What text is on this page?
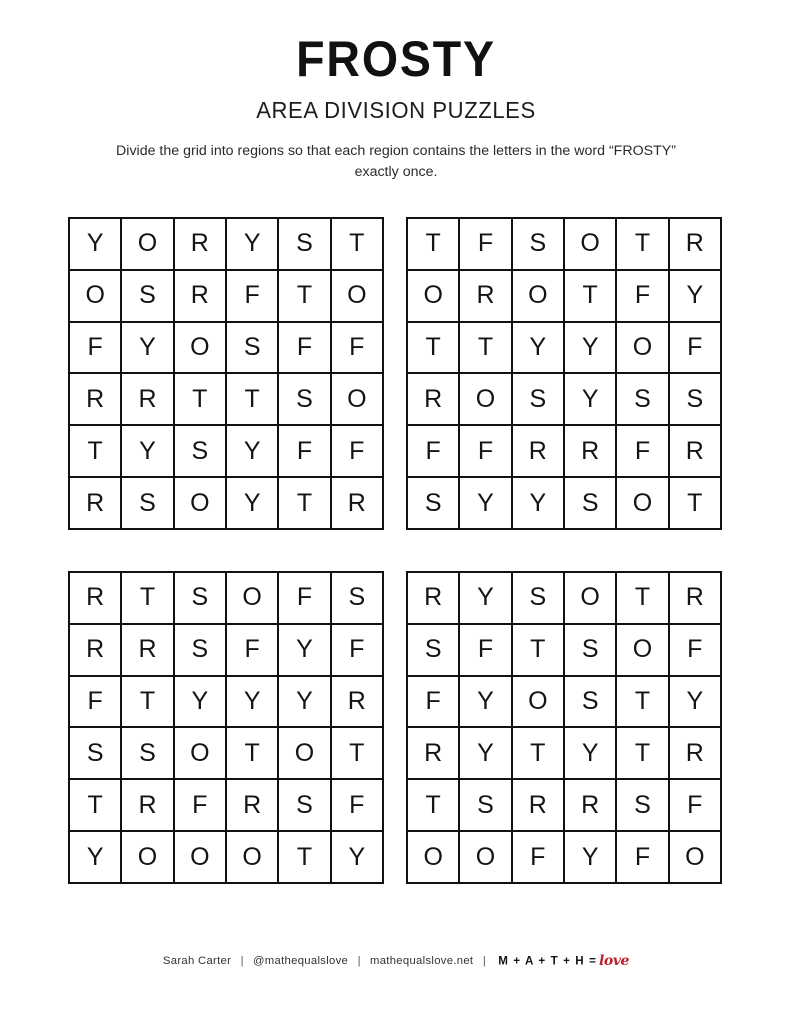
FROSTY
AREA DIVISION PUZZLES

Divide the grid into regions so that each region contains the letters in the word “FROSTY” exactly once.

Y	O	R	Y	S	T
O	S	R	F	T	O
F	Y	O	S	F	F
R	R	T	T	S	O
T	Y	S	Y	F	F
R	S	O	Y	T	R
T	F	S	O	T	R
O	R	O	T	F	Y
T	T	Y	Y	O	F
R	O	S	Y	S	S
F	F	R	R	F	R
S	Y	Y	S	O	T
R	T	S	O	F	S
R	R	S	F	Y	F
F	T	Y	Y	Y	R
S	S	O	T	O	T
T	R	F	R	S	F
Y	O	O	O	T	Y
R	Y	S	O	T	R
S	F	T	S	O	F
F	Y	O	S	T	Y
R	Y	T	Y	T	R
T	S	R	R	S	F
O	O	F	Y	F	O
Sarah Carter | @mathequalslove | mathequalslove.net | M + A + T + H = love
